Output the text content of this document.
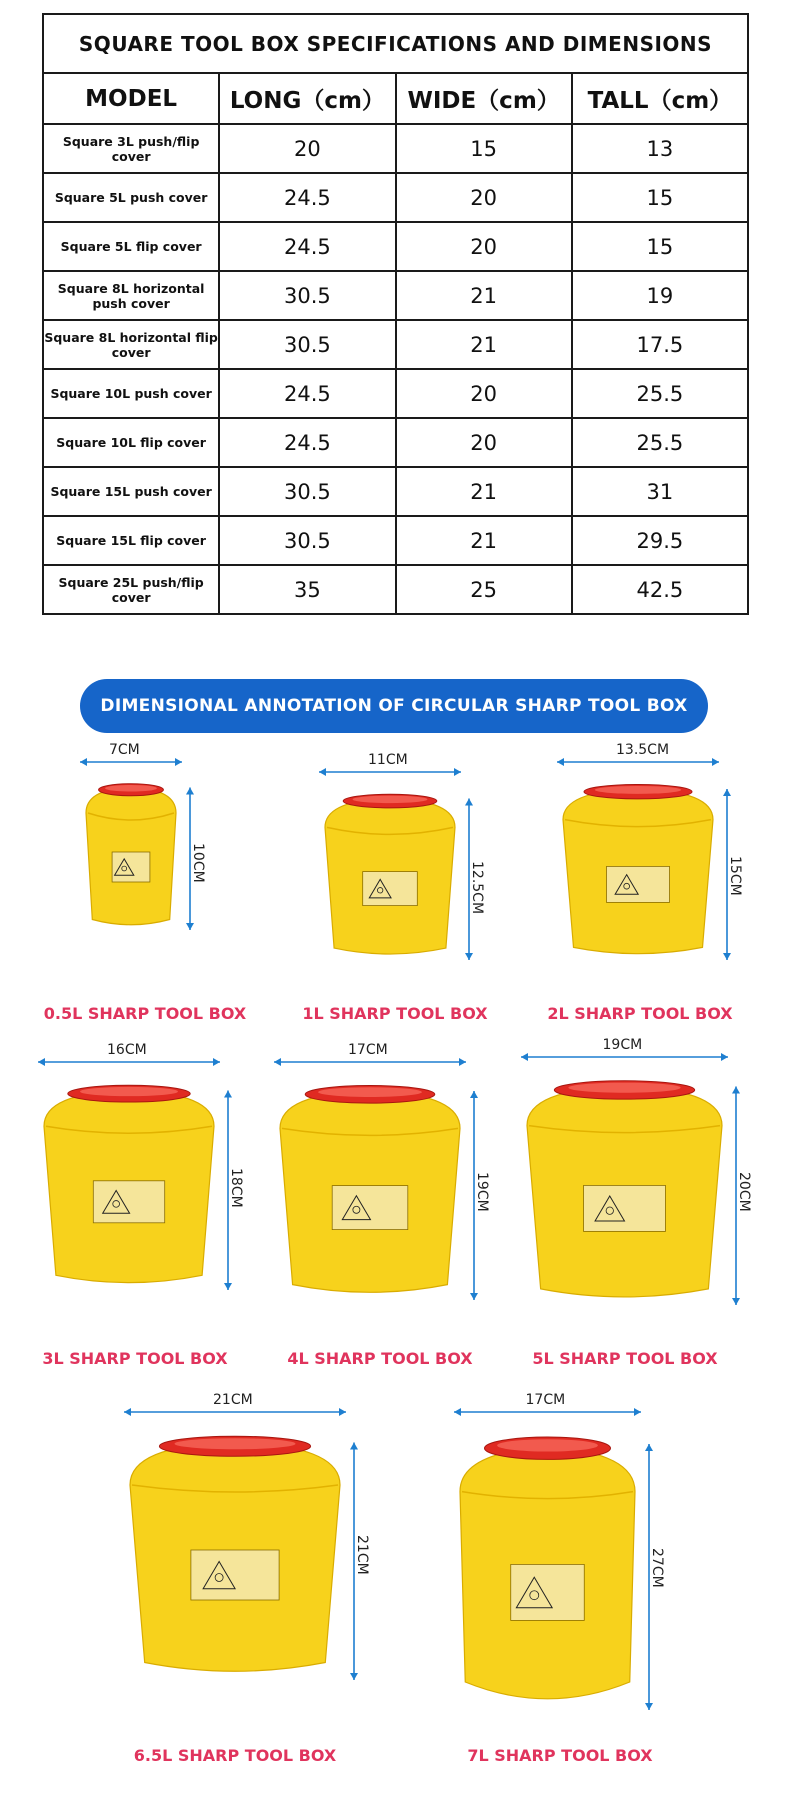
SQUARE TOOL BOX SPECIFICATIONS AND DIMENSIONS			
MODEL	LONG（cm）	WIDE（cm）	TALL（cm）
Square 3L push/flip cover	20	15	13
Square 5L push cover	24.5	20	15
Square 5L flip cover	24.5	20	15
Square 8L horizontal push cover	30.5	21	19
Square 8L horizontal flip cover	30.5	21	17.5
Square 10L push cover	24.5	20	25.5
Square 10L flip cover	24.5	20	25.5
Square 15L push cover	30.5	21	31
Square 15L flip cover	30.5	21	29.5
Square 25L push/flip cover	35	25	42.5
DIMENSIONAL ANNOTATION OF CIRCULAR SHARP TOOL BOX
7CM
10CM
0.5L SHARP TOOL BOX
11CM
12.5CM
1L SHARP TOOL BOX
13.5CM
15CM
2L SHARP TOOL BOX
16CM
18CM
3L SHARP TOOL BOX
17CM
19CM
4L SHARP TOOL BOX
19CM
20CM
5L SHARP TOOL BOX
21CM
21CM
6.5L SHARP TOOL BOX
17CM
27CM
7L SHARP TOOL BOX
